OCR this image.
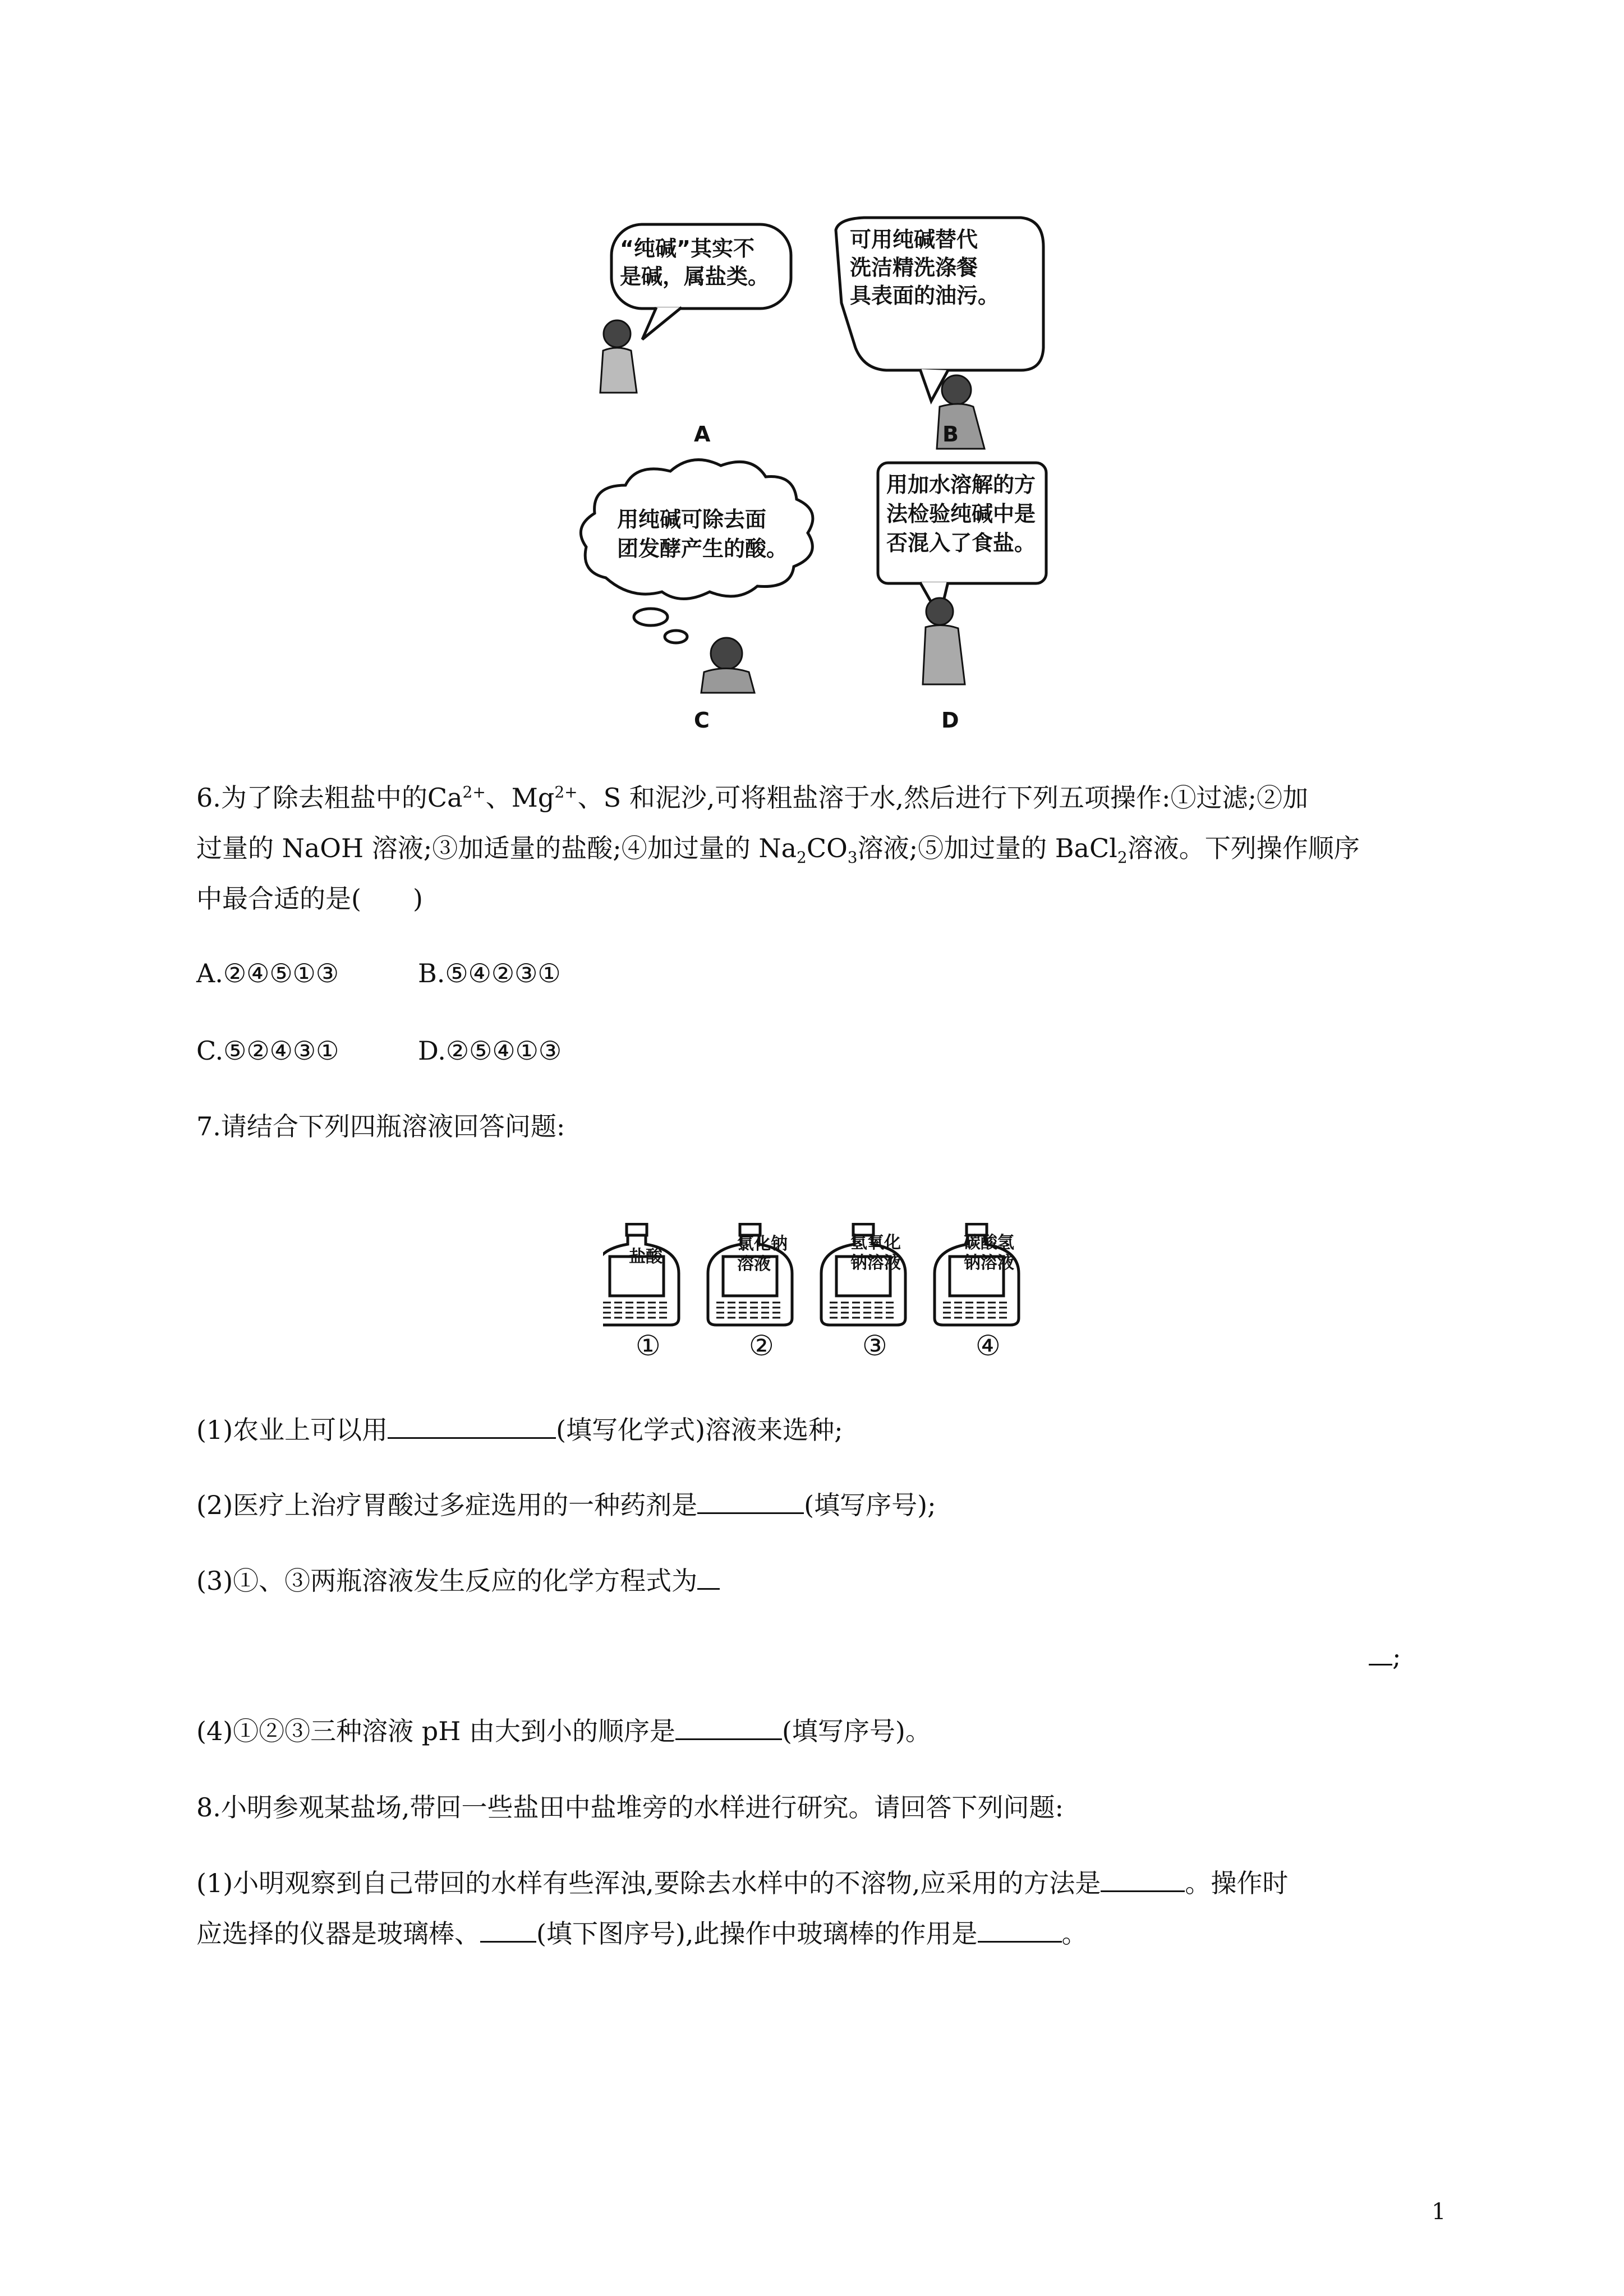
“纯碱”其实不
是碱，属盐类。
可用纯碱替代
洗洁精洗涤餐
具表面的油污。
用纯碱可除去面
团发酵产生的酸。
用加水溶解的方
法检验纯碱中是
否混入了食盐。
A	B
C	D
6.为了除去粗盐中的$Ca^{2+}$、$Mg^{2+}$、S 和泥沙,可将粗盐溶于水,然后进行下列五项操作:①过滤;②加
过量的 NaOH 溶液;③加适量的盐酸;④加过量的 $Na_2CO_3$溶液;⑤加过量的 BaCl$_2$溶液。下列操作顺序
中最合适的是(　　)
A.②④⑤①③	B.⑤④②③①
C.⑤②④③①	D.②⑤④①③
7.请结合下列四瓶溶液回答问题:
盐酸
氯化钠
溶液
氢氧化
钠溶液
碳酸氢
钠溶液
①	②	③	④
(1)农业上可以用	(填写化学式)溶液来选种;
(2)医疗上治疗胃酸过多症选用的一种药剂是	(填写序号);
(3)①、③两瓶溶液发生反应的化学方程式为
;
(4)①②③三种溶液 pH 由大到小的顺序是	(填写序号)。
8.小明参观某盐场,带回一些盐田中盐堆旁的水样进行研究。请回答下列问题:
(1)小明观察到自己带回的水样有些浑浊,要除去水样中的不溶物,应采用的方法是	。操作时
应选择的仪器是玻璃棒、 (填下图序号),此操作中玻璃棒的作用是	。
1
